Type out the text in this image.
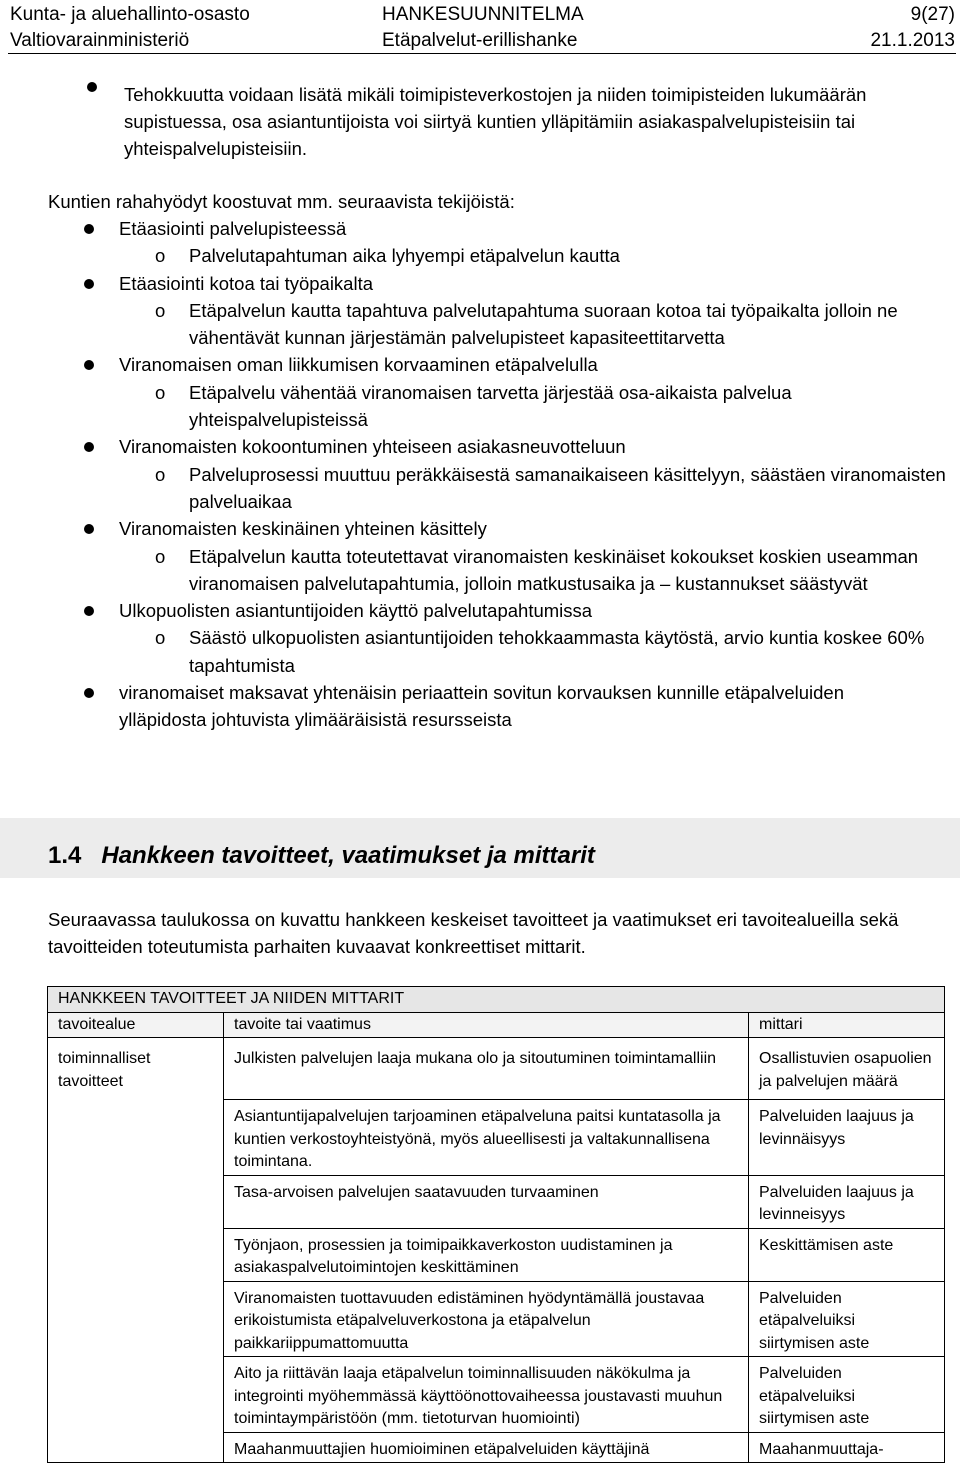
Kunta- ja aluehallinto-osasto	HANKESUUNNITELMA	9(27)
Valtiovarainministeriö	Etäpalvelut-erillishanke	21.1.2013
Tehokkuutta voidaan lisätä mikäli toimipisteverkostojen ja niiden toimipisteiden lukumäärän supistuessa, osa asiantuntijoista voi siirtyä kuntien ylläpitämiin asiakaspalvelupisteisiin tai yhteispalvelupisteisiin.
Kuntien rahahyödyt koostuvat mm. seuraavista tekijöistä:
Etäasiointi palvelupisteessä
o Palvelutapahtuman aika lyhyempi etäpalvelun kautta
Etäasiointi kotoa tai työpaikalta
o Etäpalvelun kautta tapahtuva palvelutapahtuma suoraan kotoa tai työpaikalta jolloin ne vähentävät kunnan järjestämän palvelupisteet kapasiteettitarvetta
Viranomaisen oman liikkumisen korvaaminen etäpalvelulla
o Etäpalvelu vähentää viranomaisen tarvetta järjestää osa-aikaista palvelua yhteispalvelupisteissä
Viranomaisten kokoontuminen yhteiseen asiakasneuvotteluun
o Palveluprosessi muuttuu peräkkäisestä samanaikaiseen käsittelyyn, säästäen viranomaisten palveluaikaa
Viranomaisten keskinäinen yhteinen käsittely
o Etäpalvelun kautta toteutettavat viranomaisten keskinäiset kokoukset koskien useamman viranomaisen palvelutapahtumia, jolloin matkustusaika ja – kustannukset säästyvät
Ulkopuolisten asiantuntijoiden käyttö palvelutapahtumissa
o Säästö ulkopuolisten asiantuntijoiden tehokkaammasta käytöstä, arvio kuntia koskee 60% tapahtumista
viranomaiset maksavat yhtenäisin periaattein sovitun korvauksen kunnille etäpalveluiden ylläpidosta johtuvista ylimääräisistä resursseista
1.4 Hankkeen tavoitteet, vaatimukset ja mittarit
Seuraavassa taulukossa on kuvattu hankkeen keskeiset tavoitteet ja vaatimukset eri tavoitealueilla sekä tavoitteiden toteutumista parhaiten kuvaavat konkreettiset mittarit.
HANKKEEN TAVOITTEET JA NIIDEN MITTARIT		
tavoitealue	tavoite tai vaatimus	mittari
toiminnalliset tavoitteet	Julkisten palvelujen laaja mukana olo ja sitoutuminen toimintamalliin	Osallistuvien osapuolien ja palvelujen määrä
	Asiantuntijapalvelujen tarjoaminen etäpalveluna paitsi kuntatasolla ja kuntien verkostoyhteistyönä, myös alueellisesti ja valtakunnallisena toimintana.	Palveluiden laajuus ja levinnäisyys
	Tasa-arvoisen palvelujen saatavuuden turvaaminen	Palveluiden laajuus ja levinneisyys
	Työnjaon, prosessien ja toimipaikkaverkoston uudistaminen ja asiakaspalvelutoimintojen keskittäminen	Keskittämisen aste
	Viranomaisten tuottavuuden edistäminen hyödyntämällä joustavaa erikoistumista etäpalveluverkostona ja etäpalvelun paikkariippumattomuutta	Palveluiden etäpalveluiksi siirtymisen aste
	Aito ja riittävän laaja etäpalvelun toiminnallisuuden näkökulma ja integrointi myöhemmässä käyttöönottovaiheessa joustavasti muuhun toimintaympäristöön (mm. tietoturvan huomiointi)	Palveluiden etäpalveluiksi siirtymisen aste
	Maahanmuuttajien huomioiminen etäpalveluiden käyttäjinä	Maahanmuuttaja-
